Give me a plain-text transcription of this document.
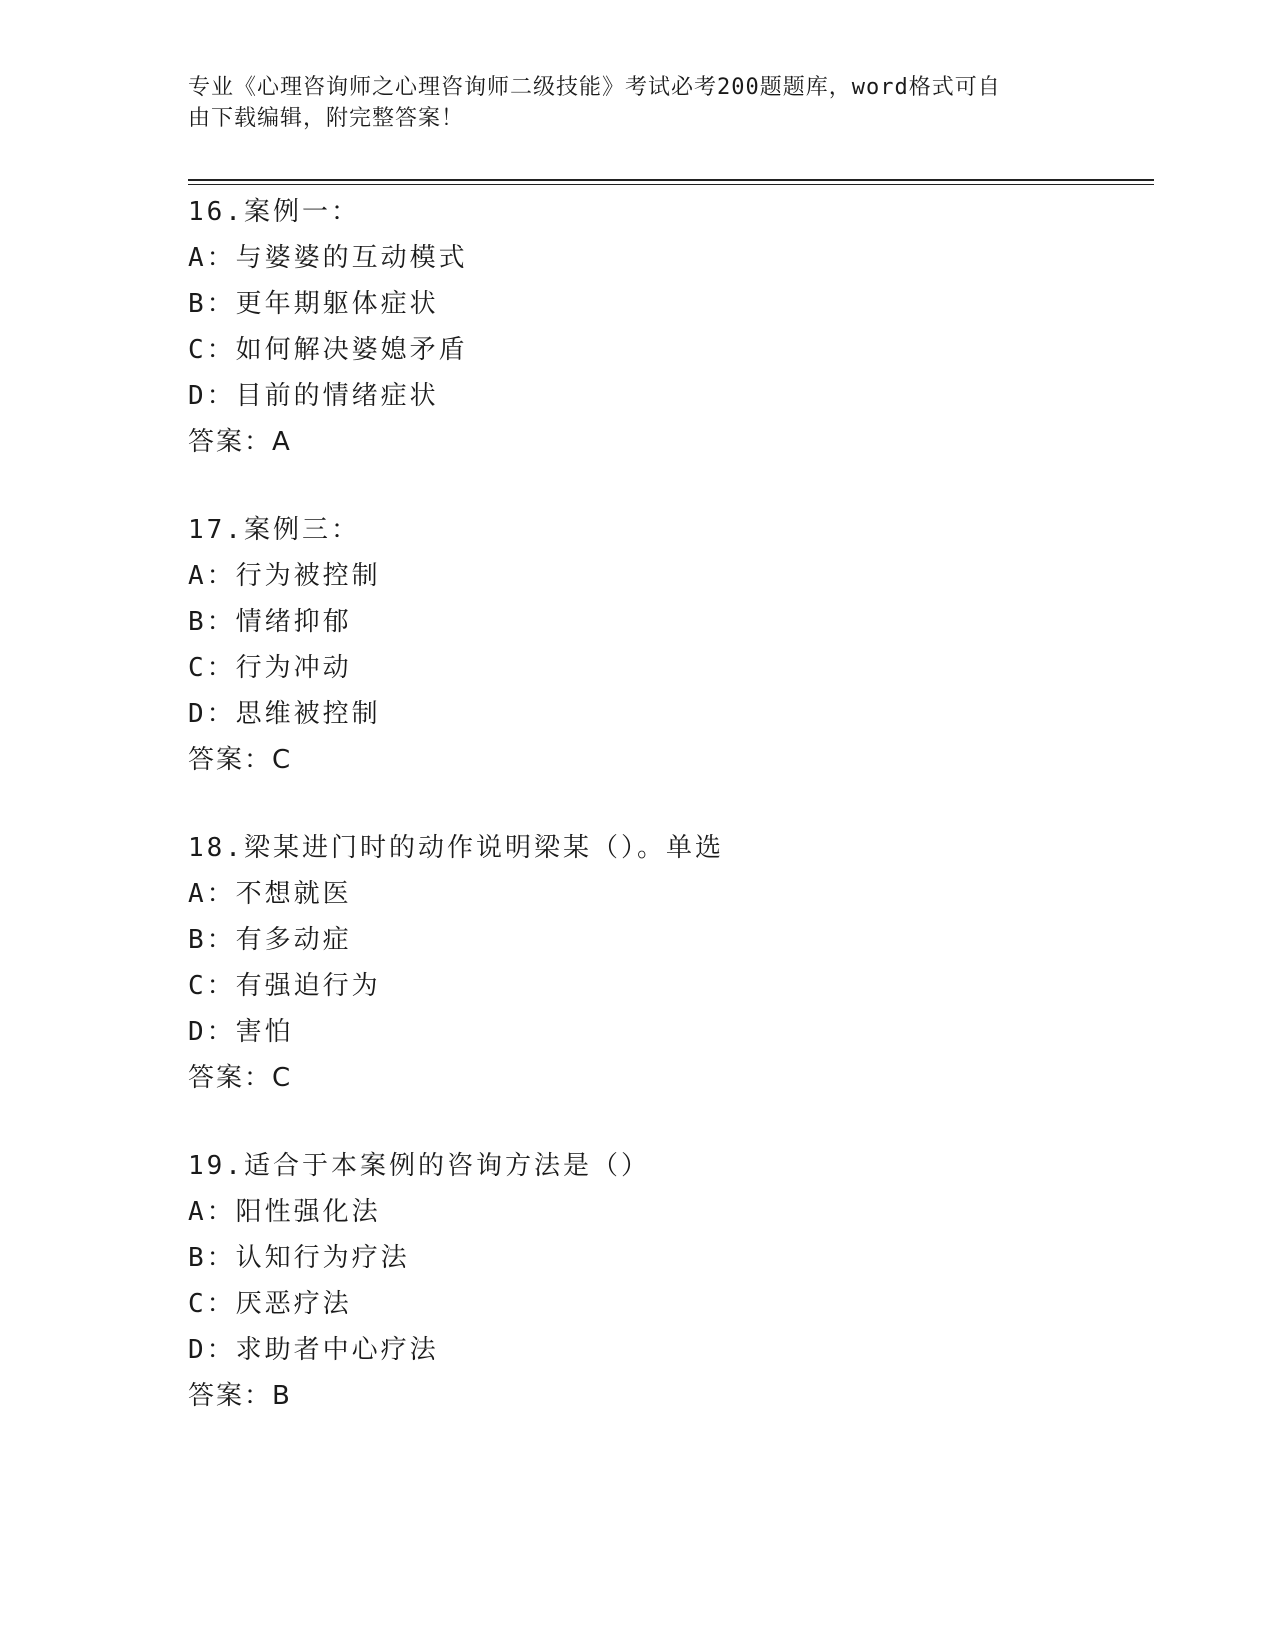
专业《心理咨询师之心理咨询师二级技能》考试必考200题题库，word格式可自
由下载编辑，附完整答案！
16.案例一：
A：与婆婆的互动模式
B：更年期躯体症状
C：如何解决婆媳矛盾
D：目前的情绪症状
答案：A
17.案例三：
A：行为被控制
B：情绪抑郁
C：行为冲动
D：思维被控制
答案：C
18.梁某进门时的动作说明梁某（）。单选
A：不想就医
B：有多动症
C：有强迫行为
D：害怕
答案：C
19.适合于本案例的咨询方法是（）
A：阳性强化法
B：认知行为疗法
C：厌恶疗法
D：求助者中心疗法
答案：B
